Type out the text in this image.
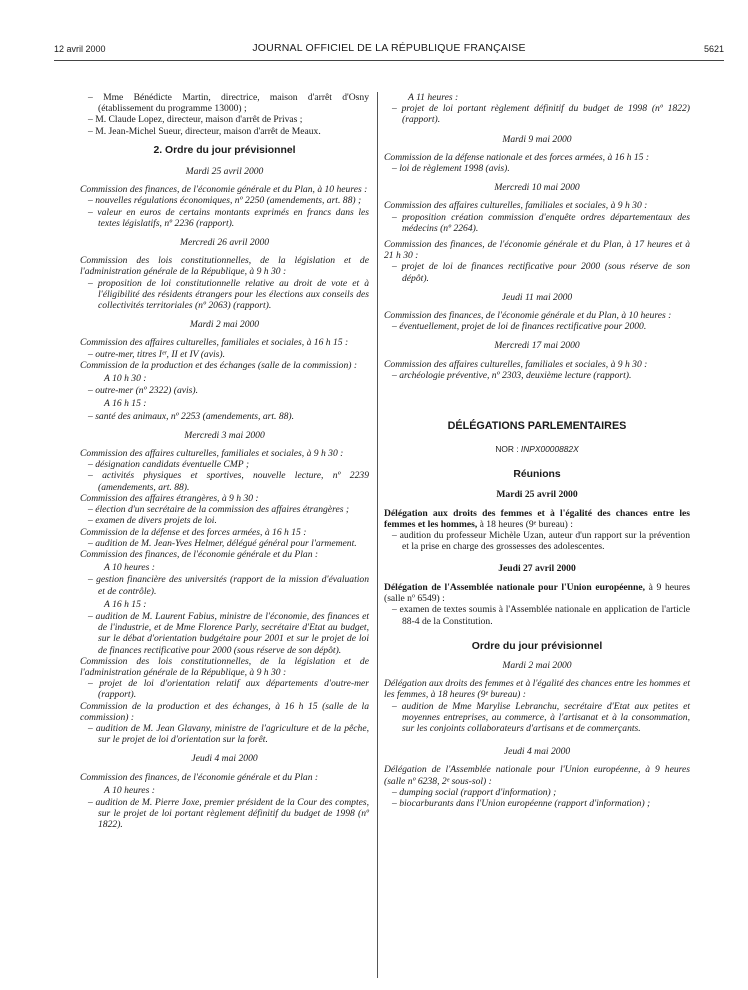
12 avril 2000	JOURNAL OFFICIEL DE LA RÉPUBLIQUE FRANÇAISE	5621

– Mme Bénédicte Martin, directrice, maison d'arrêt d'Osny (établissement du programme 13000) ;

– M. Claude Lopez, directeur, maison d'arrêt de Privas ;

– M. Jean-Michel Sueur, directeur, maison d'arrêt de Meaux.

2. Ordre du jour prévisionnel
Mardi 25 avril 2000

Commission des finances, de l'économie générale et du Plan, à 10 heures :

– nouvelles régulations économiques, nº 2250 (amendements, art. 88) ;

– valeur en euros de certains montants exprimés en francs dans les textes législatifs, nº 2236 (rapport).

Mercredi 26 avril 2000

Commission des lois constitutionnelles, de la législation et de l'administration générale de la République, à 9 h 30 :

– proposition de loi constitutionnelle relative au droit de vote et à l'éligibilité des résidents étrangers pour les élections aux conseils des collectivités territoriales (nº 2063) (rapport).

Mardi 2 mai 2000

Commission des affaires culturelles, familiales et sociales, à 16 h 15 :

– outre-mer, titres Iᵉʳ, II et IV (avis).

Commission de la production et des échanges (salle de la commission) :

A 10 h 30 :

– outre-mer (nº 2322) (avis).

A 16 h 15 :

– santé des animaux, nº 2253 (amendements, art. 88).

Mercredi 3 mai 2000

Commission des affaires culturelles, familiales et sociales, à 9 h 30 :

– désignation candidats éventuelle CMP ;

– activités physiques et sportives, nouvelle lecture, nº 2239 (amendements, art. 88).

Commission des affaires étrangères, à 9 h 30 :

– élection d'un secrétaire de la commission des affaires étrangères ;

– examen de divers projets de loi.

Commission de la défense et des forces armées, à 16 h 15 :

– audition de M. Jean-Yves Helmer, délégué général pour l'armement.

Commission des finances, de l'économie générale et du Plan :

A 10 heures :

– gestion financière des universités (rapport de la mission d'évaluation et de contrôle).

A 16 h 15 :

– audition de M. Laurent Fabius, ministre de l'économie, des finances et de l'industrie, et de Mme Florence Parly, secrétaire d'Etat au budget, sur le débat d'orientation budgétaire pour 2001 et sur le projet de loi de finances rectificative pour 2000 (sous réserve de son dépôt).

Commission des lois constitutionnelles, de la législation et de l'administration générale de la République, à 9 h 30 :

– projet de loi d'orientation relatif aux départements d'outre-mer (rapport).

Commission de la production et des échanges, à 16 h 15 (salle de la commission) :

– audition de M. Jean Glavany, ministre de l'agriculture et de la pêche, sur le projet de loi d'orientation sur la forêt.

Jeudi 4 mai 2000

Commission des finances, de l'économie générale et du Plan :

A 10 heures :

– audition de M. Pierre Joxe, premier président de la Cour des comptes, sur le projet de loi portant règlement définitif du budget de 1998 (nº 1822).

A 11 heures :

– projet de loi portant règlement définitif du budget de 1998 (nº 1822) (rapport).

Mardi 9 mai 2000

Commission de la défense nationale et des forces armées, à 16 h 15 :

– loi de règlement 1998 (avis).

Mercredi 10 mai 2000

Commission des affaires culturelles, familiales et sociales, à 9 h 30 :

– proposition création commission d'enquête ordres départementaux des médecins (nº 2264).

Commission des finances, de l'économie générale et du Plan, à 17 heures et à 21 h 30 :

– projet de loi de finances rectificative pour 2000 (sous réserve de son dépôt).

Jeudi 11 mai 2000

Commission des finances, de l'économie générale et du Plan, à 10 heures :

– éventuellement, projet de loi de finances rectificative pour 2000.

Mercredi 17 mai 2000

Commission des affaires culturelles, familiales et sociales, à 9 h 30 :

– archéologie préventive, nº 2303, deuxième lecture (rapport).

DÉLÉGATIONS PARLEMENTAIRES
NOR : INPX0000882X
Réunions
Mardi 25 avril 2000

Délégation aux droits des femmes et à l'égalité des chances entre les femmes et les hommes, à 18 heures (9ᵉ bureau) :

– audition du professeur Michèle Uzan, auteur d'un rapport sur la prévention et la prise en charge des grossesses des adolescentes.

Jeudi 27 avril 2000

Délégation de l'Assemblée nationale pour l'Union européenne, à 9 heures (salle nº 6549) :

– examen de textes soumis à l'Assemblée nationale en application de l'article 88-4 de la Constitution.

Ordre du jour prévisionnel
Mardi 2 mai 2000

Délégation aux droits des femmes et à l'égalité des chances entre les hommes et les femmes, à 18 heures (9ᵉ bureau) :

– audition de Mme Marylise Lebranchu, secrétaire d'Etat aux petites et moyennes entreprises, au commerce, à l'artisanat et à la consommation, sur les conjoints collaborateurs d'artisans et de commerçants.

Jeudi 4 mai 2000

Délégation de l'Assemblée nationale pour l'Union européenne, à 9 heures (salle nº 6238, 2ᵉ sous-sol) :

– dumping social (rapport d'information) ;

– biocarburants dans l'Union européenne (rapport d'information) ;
